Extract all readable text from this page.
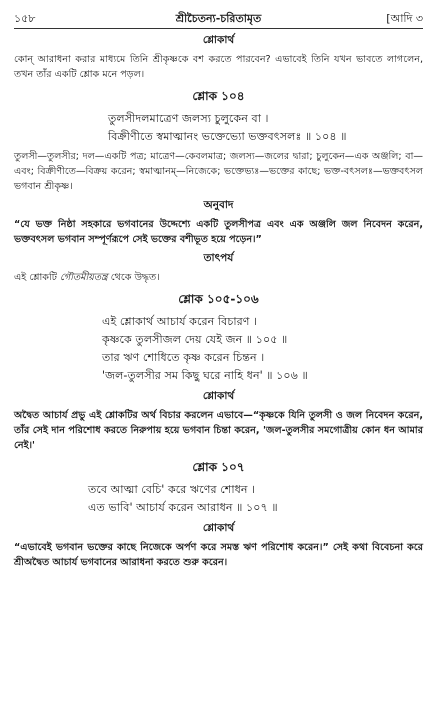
১৫৮	শ্রীচৈতন্য-চরিতামৃত	[আদি ৩
শ্লোকার্থ

কোন্ আরাধনা করার মাধ্যমে তিনি শ্রীকৃষ্ণকে বশ করতে পারবেন? এভাবেই তিনি যখন ভাবতে লাগলেন, তখন তাঁর একটি শ্লোক মনে পড়ল।

শ্লোক ১০৪

তুলসীদলমাত্রেণ জলস্য চুলুকেন বা ।

বিক্রীণীতে স্বমাত্মানং ভক্তেভ্যো ভক্তবৎসলঃ ॥ ১০৪ ॥

তুলসী—তুলসীর; দল—একটি পত্র; মাত্রেণ—কেবলমাত্র; জলস্য—জলের দ্বারা; চুলুকেন—এক অঞ্জলি; বা—এবং; বিক্রীণীতে—বিক্রয় করেন; স্বমাত্মানম্—নিজেকে; ভক্তেভ্যঃ—ভক্তের কাছে; ভক্ত-বৎসলঃ—ভক্তবৎসল ভগবান শ্রীকৃষ্ণ।

অনুবাদ

“যে ভক্ত নিষ্ঠা সহকারে ভগবানের উদ্দেশ্যে একটি তুলসীপত্র এবং এক অঞ্জলি জল নিবেদন করেন, ভক্তবৎসল ভগবান সম্পূর্ণরূপে সেই ভক্তের বশীভূত হয়ে পড়েন।”

তাৎপর্য

এই শ্লোকটি গৌতমীয়তন্ত্র থেকে উদ্ধৃত।

শ্লোক ১০৫-১০৬

এই শ্লোকার্থ আচার্য করেন বিচারণ ।

কৃষ্ণকে তুলসীজল দেয় যেই জন ॥ ১০৫ ॥

তার ঋণ শোধিতে কৃষ্ণ করেন চিন্তন ।

'জল-তুলসীর সম কিছু ঘরে নাহি ধন' ॥ ১০৬ ॥

শ্লোকার্থ

অদ্বৈত আচার্য প্রভু এই শ্লোকটির অর্থ বিচার করলেন এভাবে—“কৃষ্ণকে যিনি তুলসী ও জল নিবেদন করেন, তাঁর সেই দান পরিশোধ করতে নিরুপায় হয়ে ভগবান চিন্তা করেন, 'জল-তুলসীর সমগোত্রীয় কোন ধন আমার নেই।'

শ্লোক ১০৭

তবে আত্মা বেচি' করে ঋণের শোধন ।

এত ভাবি' আচার্য করেন আরাধন ॥ ১০৭ ॥

শ্লোকার্থ

“এভাবেই ভগবান ভক্তের কাছে নিজেকে অর্পণ করে সমস্ত ঋণ পরিশোধ করেন।” সেই কথা বিবেচনা করে শ্রীঅদ্বৈত আচার্য ভগবানের আরাধনা করতে শুরু করেন।
